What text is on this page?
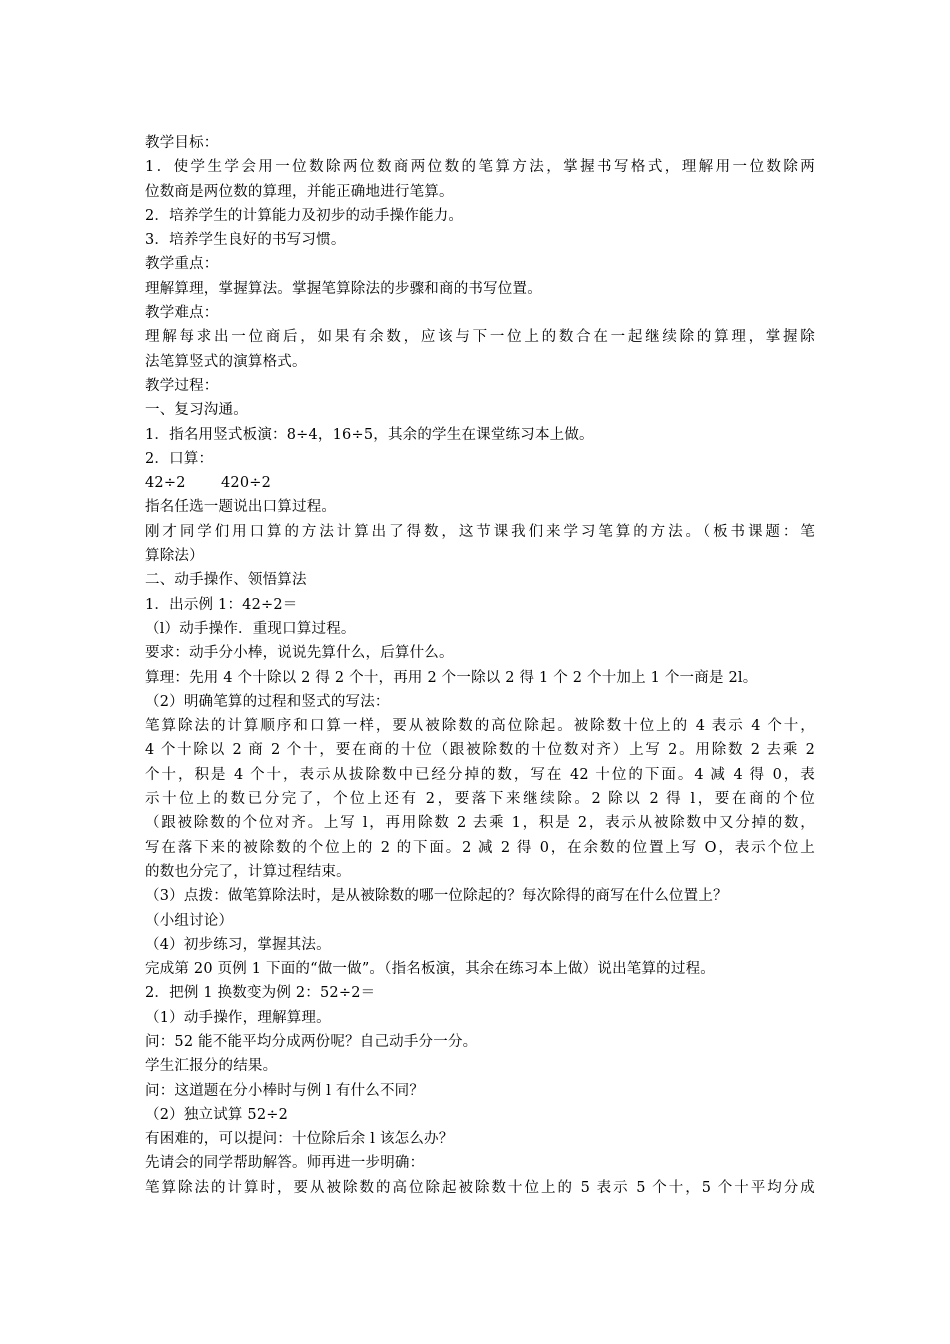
教学目标：
1．使学生学会用一位数除两位数商两位数的笔算方法，掌握书写格式，理解用一位数除两
位数商是两位数的算理，并能正确地进行笔算。
2．培养学生的计算能力及初步的动手操作能力。
3．培养学生良好的书写习惯。
教学重点：
理解算理，掌握算法。掌握笔算除法的步骤和商的书写位置。
教学难点：
理解每求出一位商后，如果有余数，应该与下一位上的数合在一起继续除的算理，掌握除
法笔算竖式的演算格式。
教学过程：
一、复习沟通。
1．指名用竖式板演：8÷4，16÷5，其余的学生在课堂练习本上做。
2．口算：
42÷2 420÷2
指名任选一题说出口算过程。
刚才同学们用口算的方法计算出了得数，这节课我们来学习笔算的方法。（板书课题：笔
算除法）
二、动手操作、领悟算法
1．出示例 1：42÷2＝
（l）动手操作．重现口算过程。
要求：动手分小棒，说说先算什么，后算什么。
算理：先用 4 个十除以 2 得 2 个十，再用 2 个一除以 2 得 1 个 2 个十加上 1 个一商是 2l。
（2）明确笔算的过程和竖式的写法：
笔算除法的计算顺序和口算一样，要从被除数的高位除起。被除数十位上的 4 表示 4 个十，
4 个十除以 2 商 2 个十，要在商的十位（跟被除数的十位数对齐）上写 2。用除数 2 去乘 2
个十，积是 4 个十，表示从拔除数中已经分掉的数，写在 42 十位的下面。4 减 4 得 0，表
示十位上的数已分完了，个位上还有 2，要落下来继续除。2 除以 2 得 l，要在商的个位
（跟被除数的个位对齐。上写 l，再用除数 2 去乘 1，积是 2，表示从被除数中又分掉的数，
写在落下来的被除数的个位上的 2 的下面。2 减 2 得 0，在余数的位置上写 O，表示个位上
的数也分完了，计算过程结束。
（3）点拨：做笔算除法时，是从被除数的哪一位除起的？每次除得的商写在什么位置上？
（小组讨论）
（4）初步练习，掌握其法。
完成第 20 页例 1 下面的“做一做”。（指名板演，其余在练习本上做）说出笔算的过程。
2．把例 1 换数变为例 2：52÷2＝
（1）动手操作，理解算理。
问：52 能不能平均分成两份呢？自己动手分一分。
学生汇报分的结果。
问：这道题在分小棒时与例 l 有什么不同？
（2）独立试算 52÷2
有困难的，可以提问：十位除后余 l 该怎么办？
先请会的同学帮助解答。师再进一步明确：
笔算除法的计算时，要从被除数的高位除起被除数十位上的 5 表示 5 个十，5 个十平均分成
